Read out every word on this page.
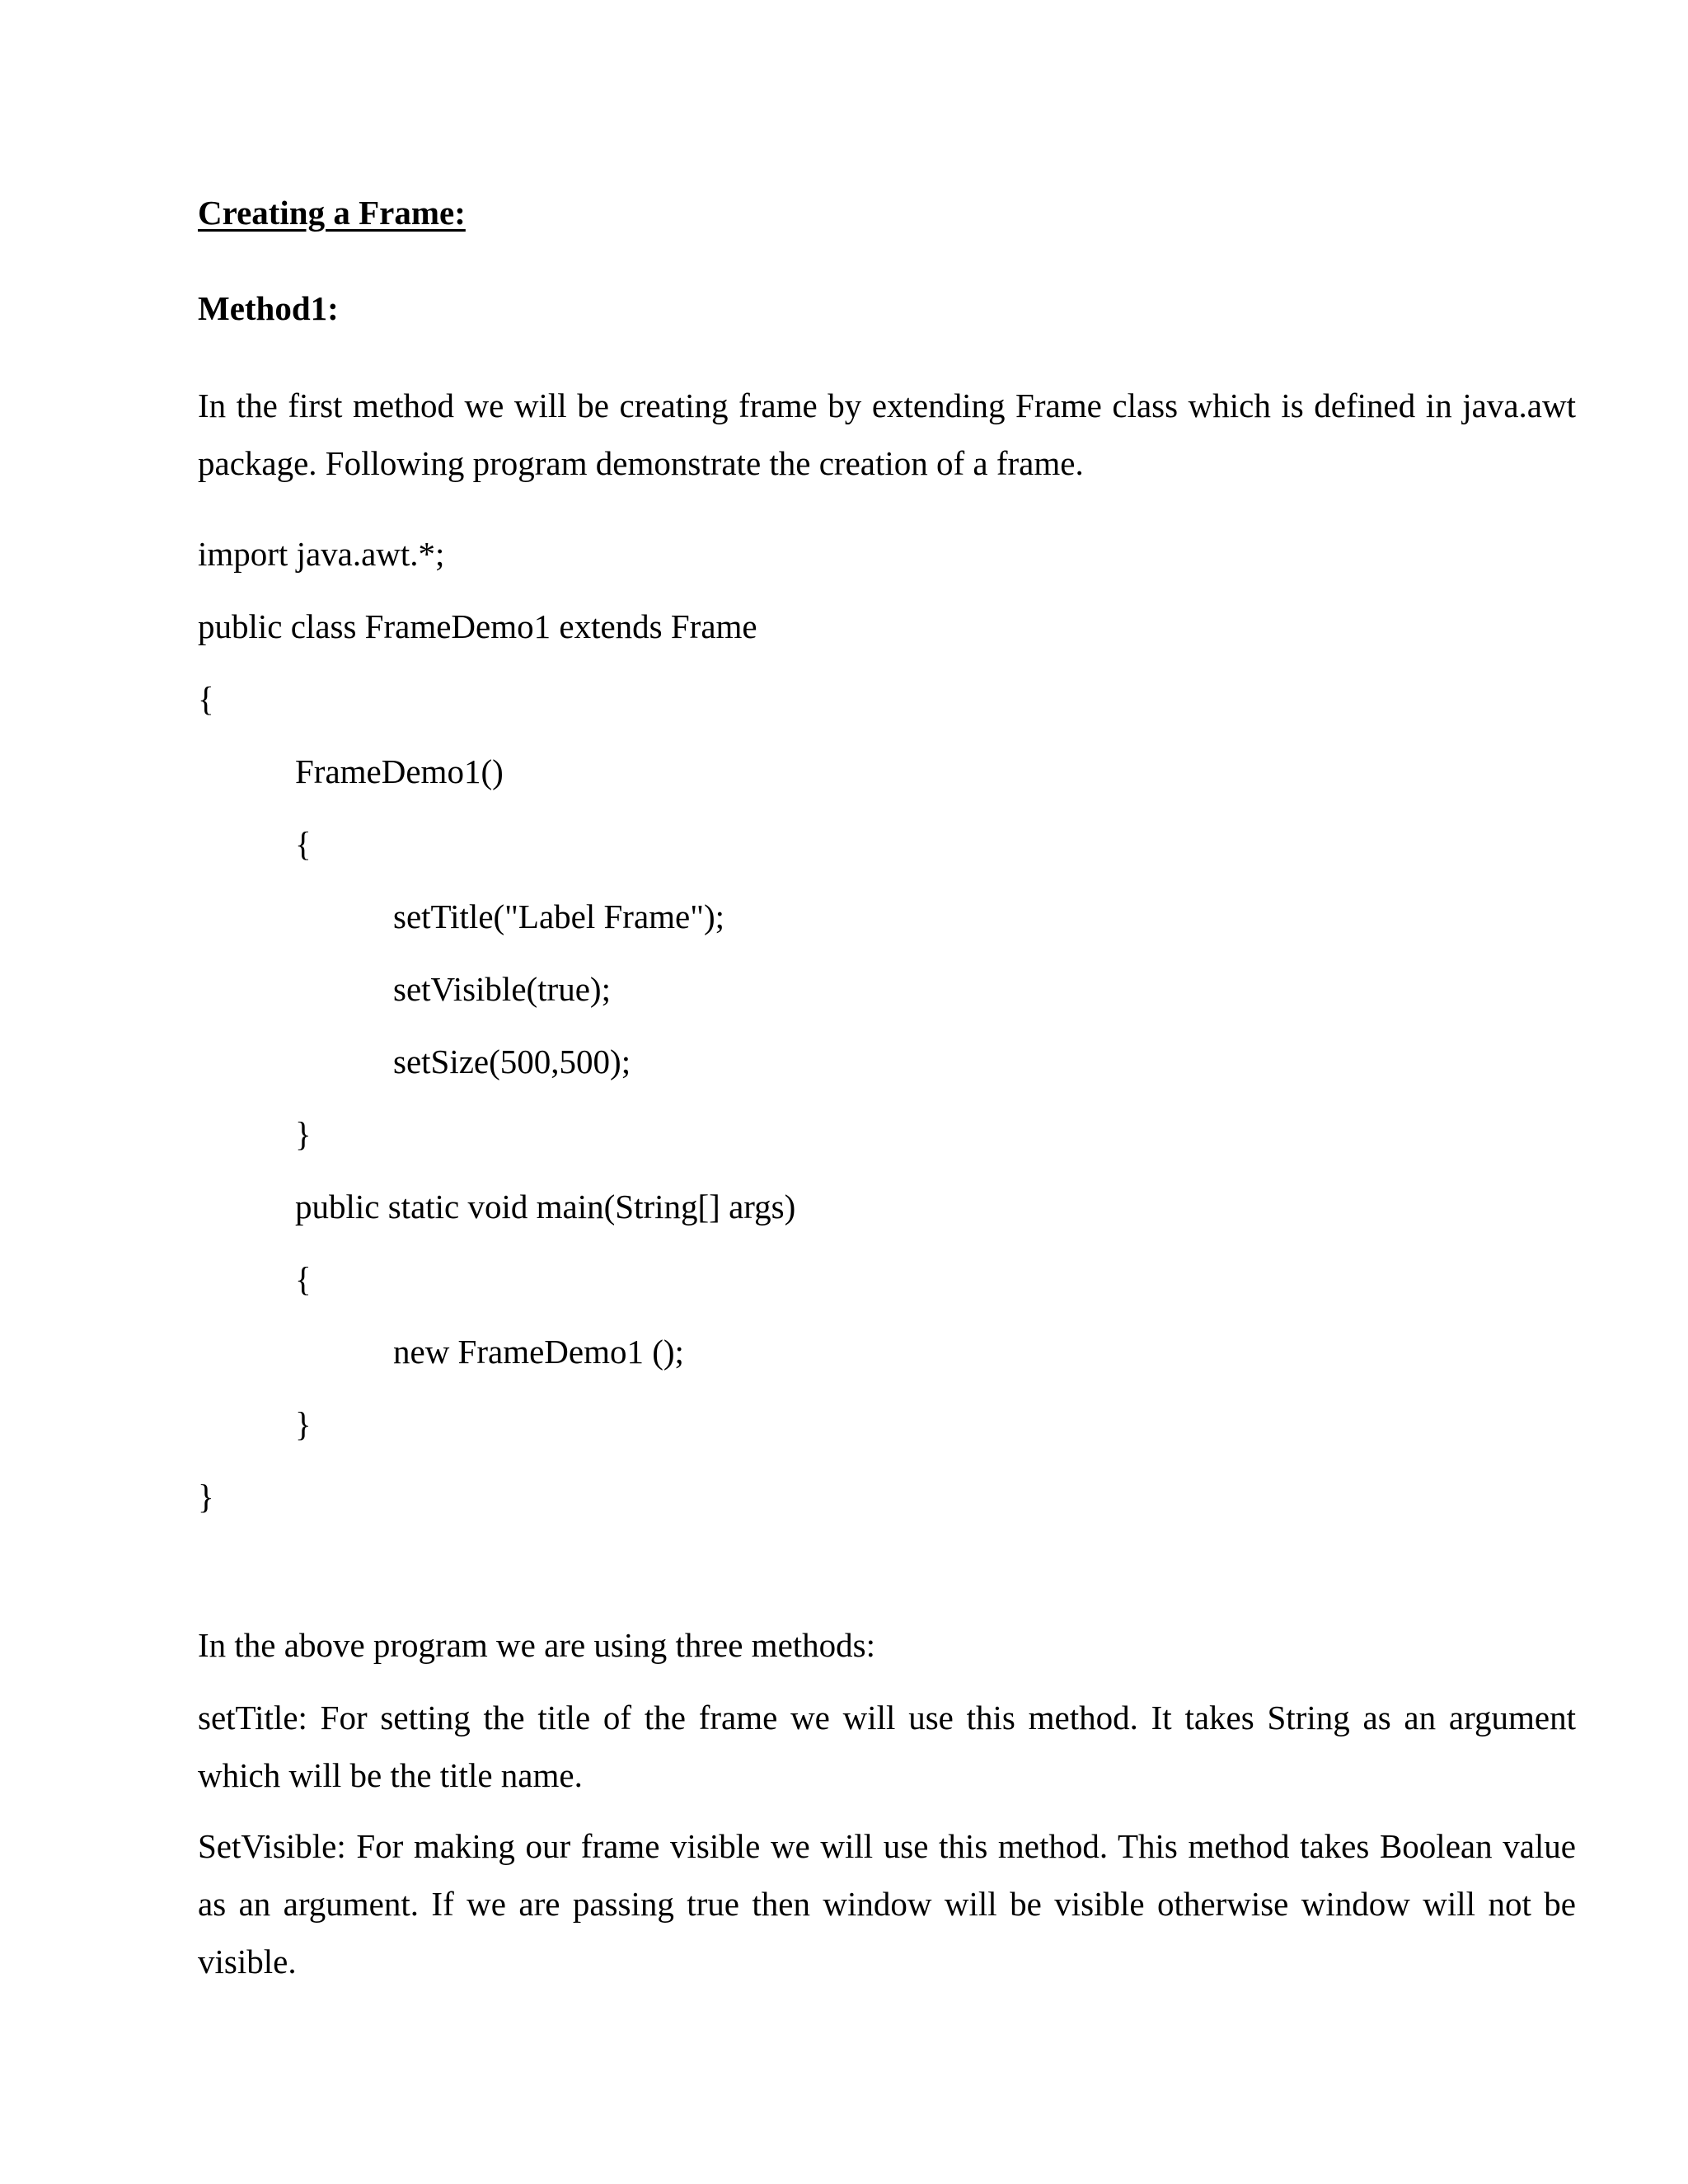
Creating a Frame:
Method1:
In the first method we will be creating frame by extending Frame class which is defined in java.awt package. Following program demonstrate the creation of a frame.
import java.awt.*;
public class FrameDemo1 extends Frame
{
FrameDemo1()
{
setTitle("Label Frame");
setVisible(true);
setSize(500,500);
}
public static void main(String[] args)
{
new FrameDemo1 ();
}
}
In the above program we are using three methods:
setTitle: For setting the title of the frame we will use this method. It takes String as an argument which will be the title name.
SetVisible: For making our frame visible we will use this method. This method takes Boolean value as an argument. If we are passing true then window will be visible otherwise window will not be visible.
